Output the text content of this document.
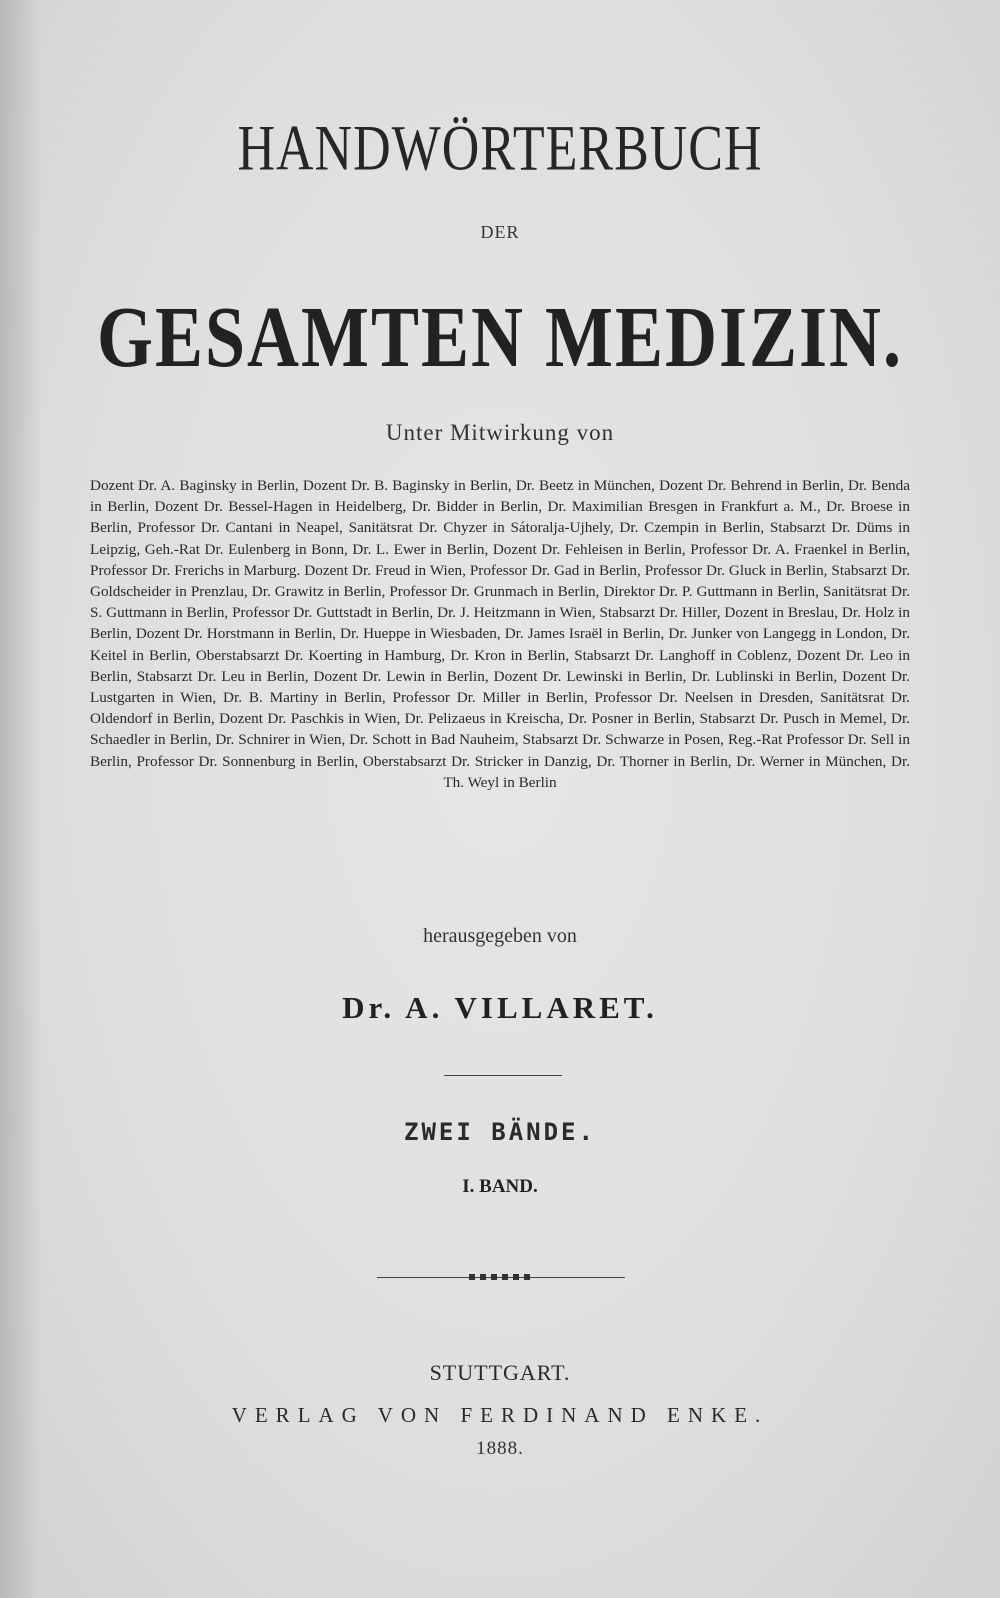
HANDWÖRTERBUCH
DER
GESAMTEN MEDIZIN.
Unter Mitwirkung von
Dozent Dr. A. Baginsky in Berlin, Dozent Dr. B. Baginsky in Berlin, Dr. Beetz in München, Dozent Dr. Behrend in Berlin, Dr. Benda in Berlin, Dozent Dr. Bessel-Hagen in Heidelberg, Dr. Bidder in Berlin, Dr. Maximilian Bresgen in Frankfurt a. M., Dr. Broese in Berlin, Professor Dr. Cantani in Neapel, Sanitätsrat Dr. Chyzer in Sátoralja-Ujhely, Dr. Czempin in Berlin, Stabsarzt Dr. Düms in Leipzig, Geh.-Rat Dr. Eulenberg in Bonn, Dr. L. Ewer in Berlin, Dozent Dr. Fehleisen in Berlin, Professor Dr. A. Fraenkel in Berlin, Professor Dr. Frerichs in Marburg. Dozent Dr. Freud in Wien, Professor Dr. Gad in Berlin, Professor Dr. Gluck in Berlin, Stabsarzt Dr. Goldscheider in Prenzlau, Dr. Grawitz in Berlin, Professor Dr. Grunmach in Berlin, Direktor Dr. P. Guttmann in Berlin, Sanitätsrat Dr. S. Guttmann in Berlin, Professor Dr. Guttstadt in Berlin, Dr. J. Heitzmann in Wien, Stabsarzt Dr. Hiller, Dozent in Breslau, Dr. Holz in Berlin, Dozent Dr. Horstmann in Berlin, Dr. Hueppe in Wiesbaden, Dr. James Israël in Berlin, Dr. Junker von Langegg in London, Dr. Keitel in Berlin, Oberstabsarzt Dr. Koerting in Hamburg, Dr. Kron in Berlin, Stabsarzt Dr. Langhoff in Coblenz, Dozent Dr. Leo in Berlin, Stabsarzt Dr. Leu in Berlin, Dozent Dr. Lewin in Berlin, Dozent Dr. Lewinski in Berlin, Dr. Lublinski in Berlin, Dozent Dr. Lustgarten in Wien, Dr. B. Martiny in Berlin, Professor Dr. Miller in Berlin, Professor Dr. Neelsen in Dresden, Sanitätsrat Dr. Oldendorf in Berlin, Dozent Dr. Paschkis in Wien, Dr. Pelizaeus in Kreischa, Dr. Posner in Berlin, Stabsarzt Dr. Pusch in Memel, Dr. Schaedler in Berlin, Dr. Schnirer in Wien, Dr. Schott in Bad Nauheim, Stabsarzt Dr. Schwarze in Posen, Reg.-Rat Professor Dr. Sell in Berlin, Professor Dr. Sonnenburg in Berlin, Oberstabsarzt Dr. Stricker in Danzig, Dr. Thorner in Berlin, Dr. Werner in München, Dr. Th. Weyl in Berlin
herausgegeben von
Dr. A. VILLARET.
ZWEI BÄNDE.
I. BAND.
STUTTGART.
VERLAG VON FERDINAND ENKE.
1888.
